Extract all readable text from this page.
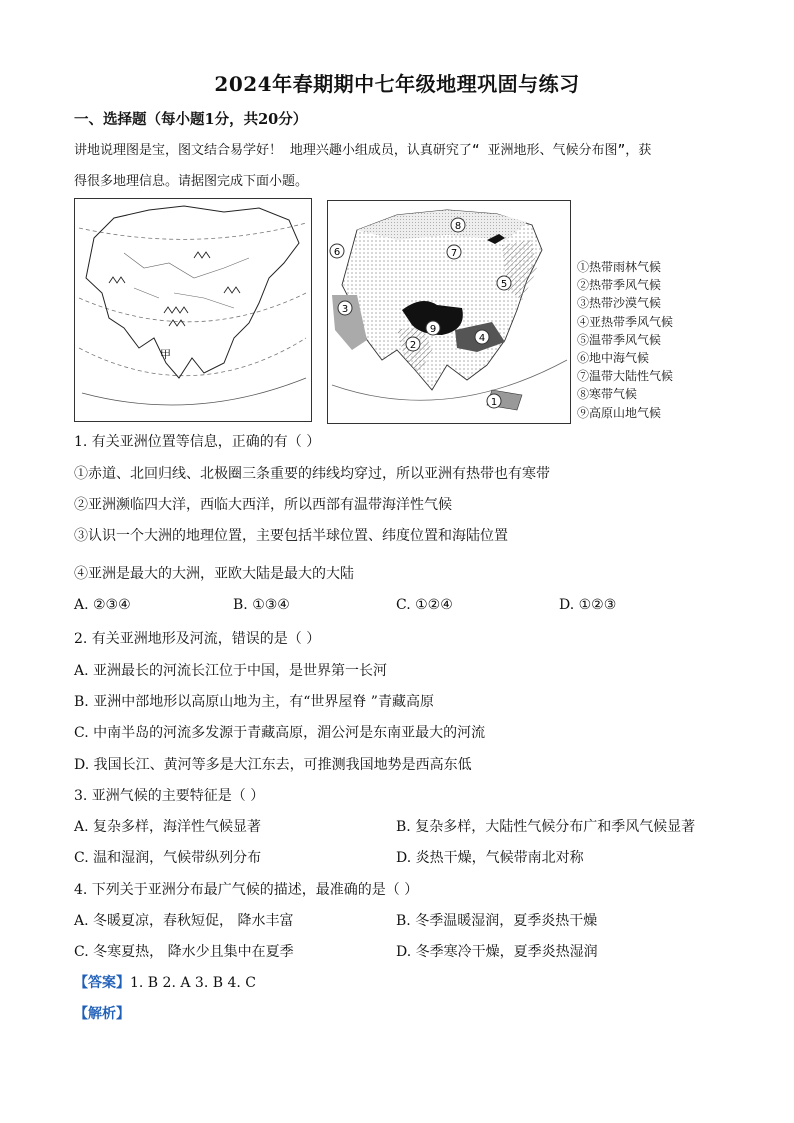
2024年春期期中七年级地理巩固与练习
一、选择题（每小题1分，共20分）
讲地说理图是宝，图文结合易学好！ 地理兴趣小组成员，认真研究了“ 亚洲地形、气候分布图”，获
得很多地理信息。请据图完成下面小题。
甲
8
7
5
6
3
9
4
2
1
①热带雨林气候
②热带季风气候
③热带沙漠气候
④亚热带季风气候
⑤温带季风气候
⑥地中海气候
⑦温带大陆性气候
⑧寒带气候
⑨高原山地气候
1. 有关亚洲位置等信息，正确的有（ ）
①赤道、北回归线、北极圈三条重要的纬线均穿过，所以亚洲有热带也有寒带
②亚洲濒临四大洋，西临大西洋，所以西部有温带海洋性气候
③认识一个大洲的地理位置，主要包括半球位置、纬度位置和海陆位置
④亚洲是最大的大洲，亚欧大陆是最大的大陆
A. ②③④	B. ①③④	C. ①②④	D. ①②③
2. 有关亚洲地形及河流，错误的是（ ）
A. 亚洲最长的河流长江位于中国，是世界第一长河
B. 亚洲中部地形以高原山地为主，有“世界屋脊 ”青藏高原
C. 中南半岛的河流多发源于青藏高原，湄公河是东南亚最大的河流
D. 我国长江、黄河等多是大江东去，可推测我国地势是西高东低
3. 亚洲气候的主要特征是（ ）
A. 复杂多样，海洋性气候显著	B. 复杂多样，大陆性气候分布广和季风气候显著
C. 温和湿润，气候带纵列分布	D. 炎热干燥，气候带南北对称
4. 下列关于亚洲分布最广气候的描述，最准确的是（ ）
A. 冬暖夏凉，春秋短促， 降水丰富	B. 冬季温暖湿润，夏季炎热干燥
C. 冬寒夏热， 降水少且集中在夏季	D. 冬季寒冷干燥，夏季炎热湿润
【答案】1. B 2. A 3. B 4. C
【解析】
